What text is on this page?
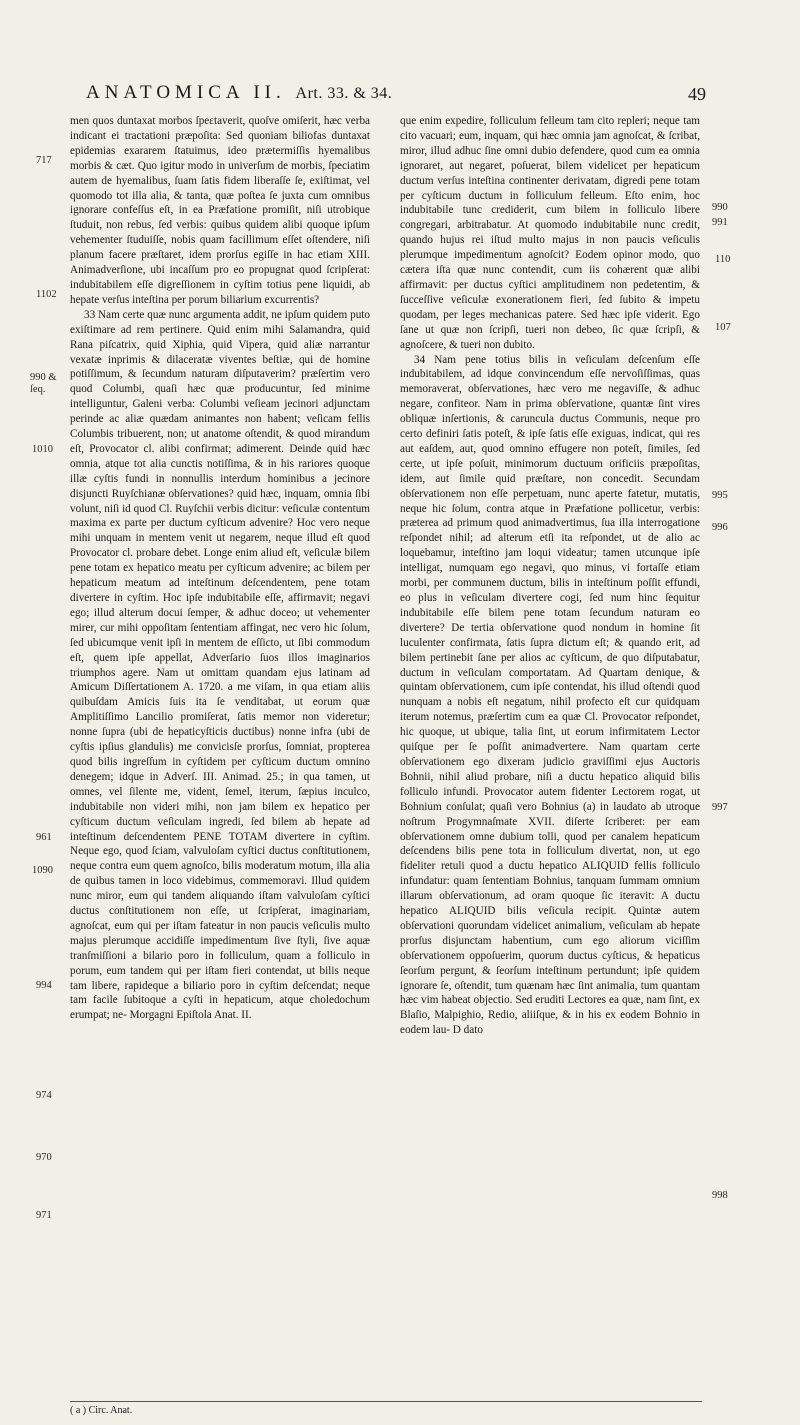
ANATOMICA II. Art. 33. & 34.	49

men quos duntaxat morbos ſpeɛtaverit, quoſve omiſerit, hæc verba indicant ei tractationi præpoſita: Sed quoniam biliofas duntaxat epidemias exararem ſtatuimus, ideo prætermiſſis hyemalibus morbis & cæt. Quo igitur modo in univerſum de morbis, ſpeciatim autem de hyemalibus, ſuam ſatis fidem liberaſſe ſe, exiſtimat, vel quomodo tot illa alia, & tanta, quæ poſtea ſe juxta cum omnibus ignorare confeſſus eſt, in ea Præfatione promiſit, niſi utrobique ſtuduit, non rebus, ſed verbis: quibus quidem alibi quoque ipſum vehementer ſtuduiſſe, nobis quam facillimum eſſet oſtendere, niſi planum facere præſtaret, idem prorſus egiſſe in hac etiam XIII. Animadverſione, ubi incaſſum pro eo propugnat quod ſcripſerat: indubitabilem eſſe digreſſionem in cyſtim totius pene liquidi, ab hepate verſus inteſtina per porum biliarium excurrentis?

33 Nam certe quæ nunc argumenta addit, ne ipſum quidem puto exiſtimare ad rem pertinere. Quid enim mihi Salamandra, quid Rana piſcatrix, quid Xiphia, quid Vipera, quid aliæ narrantur vexatæ inprimis & dilaceratæ viventes beſtiæ, qui de homine potiſſimum, & ſecundum naturam diſputaverim? præſertim vero quod Columbi, quaſi hæc quæ producuntur, ſed minime intelliguntur, Galeni verba: Columbi veſieam jecinori adjunctam perinde ac aliæ quædam animantes non habent; veſicam fellis Columbis tribuerent, non; ut anatome oſtendit, & quod mirandum eſt, Provocator cl. alibi confirmat; adimerent. Deinde quid hæc omnia, atque tot alia cunctis notiſſima, & in his rariores quoque illæ cyſtis fundi in nonnullis interdum hominibus a jecinore disjuncti Ruyſchianæ obſervationes? quid hæc, inquam, omnia ſibi volunt, niſi id quod Cl. Ruyſchii verbis dicitur: veſiculæ contentum maxima ex parte per ductum cyſticum advenire? Hoc vero neque mihi unquam in mentem venit ut negarem, neque illud eſt quod Provocator cl. probare debet. Longe enim aliud eſt, veſiculæ bilem pene totam ex hepatico meatu per cyſticum advenire; ac bilem per hepaticum meatum ad inteſtinum deſcendentem, pene totam divertere in cyſtim. Hoc ipſe indubitabile eſſe, affirmavit; negavi ego; illud alterum docui ſemper, & adhuc doceo; ut vehementer mirer, cur mihi oppoſitam ſententiam affingat, nec vero hic ſolum, ſed ubicumque venit ipſi in mentem de eſſicto, ut ſibi commodum eſt, quem ipſe appellat, Adverſario ſuos illos imaginarios triumphos agere. Nam ut omittam quandam ejus latinam ad Amicum Diſſertationem A. 1720. a me viſam, in qua etiam aliis quibuſdam Amicis ſuis ita ſe venditabat, ut eorum quæ Amplitiſſimo Lancilio promiſerat, ſatis memor non videretur; nonne ſupra (ubi de hepaticyſticis ductibus) nonne infra (ubi de cyſtis ipſius glandulis) me convicisſe prorſus, ſomniat, propterea quod bilis ingreſſum in cyſtidem per cyſticum ductum omnino denegem; idque in Adverſ. III. Animad. 25.; in qua tamen, ut omnes, vel ſilente me, vident, ſemel, iterum, ſæpius inculco, indubitabile non videri mihi, non jam bilem ex hepatico per cyſticum ductum veſiculam ingredi, ſed bilem ab hepate ad inteſtinum deſcendentem PENE TOTAM divertere in cyſtim. Neque ego, quod ſciam, valvuloſam cyſtici ductus conſtitutionem, neque contra eum quem agnoſco, bilis moderatum motum, illa alia de quibus tamen in loco videbimus, commemoravi. Illud quidem nunc miror, eum qui tandem aliquando iſtam valvuloſam cyſtici ductus conſtitutionem non eſſe, ut ſcripſerat, imaginariam, agnoſcat, eum qui per iſtam fateatur in non paucis veſiculis multo majus plerumque accidiſſe impedimentum ſive ſtyli, ſive aquæ tranſmiſſioni a bilario poro in folliculum, quam a folliculo in porum, eum tandem qui per iſtam fieri contendat, ut bilis neque tam libere, rapideque a biliario poro in cyſtim deſcendat; neque tam facile ſubitoque a cyſti in hepaticum, atque choledochum erumpat; ne- Morgagni Epiſtola Anat. II.

que enim expedire, folliculum felleum tam cito repleri; neque tam cito vacuari; eum, inquam, qui hæc omnia jam agnoſcat, & ſcribat, miror, illud adhuc ſine omni dubio defendere, quod cum ea omnia ignoraret, aut negaret, poſuerat, bilem videlicet per hepaticum ductum verſus inteſtina continenter derivatam, digredi pene totam per cyſticum ductum in folliculum felleum. Eſto enim, hoc indubitabile tunc crediderit, cum bilem in folliculo libere congregari, arbitrabatur. At quomodo indubitabile nunc credit, quando hujus rei iſtud multo majus in non paucis veſiculis plerumque impedimentum agnoſcit? Eodem opinor modo, quo cætera iſta quæ nunc contendit, cum iis cohærent quæ alibi affirmavit: per ductus cyſtici amplitudinem non pedetentim, & ſucceſſive veſiculæ exonerationem fieri, ſed ſubito & impetu quodam, per leges mechanicas patere. Sed hæc ipſe viderit. Ego ſane ut quæ non ſcripſi, tueri non debeo, ſic quæ ſcripſi, & agnoſcere, & tueri non dubito.

34 Nam pene totius bilis in veſiculam deſcenſum eſſe indubitabilem, ad idque convincendum eſſe nervoſiſſimas, quas memoraverat, obſervationes, hæc vero me negaviſſe, & adhuc negare, confiteor. Nam in prima obſervatione, quantæ ſint vires obliquæ inſertionis, & caruncula ductus Communis, neque pro certo definiri ſatis poteſt, & ipſe ſatis eſſe exiguas, indicat, qui res aut eaſdem, aut, quod omnino effugere non poteſt, ſimiles, ſed certe, ut ipſe poſuit, minimorum ductuum orificiis præpoſitas, idem, aut ſimile quid præſtare, non concedit. Secundam obſervationem non eſſe perpetuam, nunc aperte fatetur, mutatis, neque hic ſolum, contra atque in Præfatione pollicetur, verbis: præterea ad primum quod animadvertimus, ſua illa interrogatione reſpondet nihil; ad alterum etſi ita reſpondet, ut de alio ac loquebamur, inteſtino jam loqui videatur; tamen utcunque ipſe intelligat, numquam ego negavi, quo minus, vi fortaſſe etiam morbi, per communem ductum, bilis in inteſtinum poſſit effundi, eo plus in veſiculam divertere cogi, ſed num hinc ſequitur indubitabile eſſe bilem pene totam ſecundum naturam eo divertere? De tertia obſervatione quod nondum in homine ſit luculenter confirmata, ſatis ſupra dictum eſt; & quando erit, ad bilem pertinebit ſane per alios ac cyſticum, de quo diſputabatur, ductum in veſiculam comportatam. Ad Quartam denique, & quintam obſervationem, cum ipſe contendat, his illud oſtendi quod nunquam a nobis eſt negatum, nihil profecto eſt cur quidquam iterum notemus, præſertim cum ea quæ Cl. Provocator reſpondet, hic quoque, ut ubique, talia ſint, ut eorum infirmitatem Lector quiſque per ſe poſſit animadvertere. Nam quartam certe obſervationem ego dixeram judicio graviſſimi ejus Auctoris Bohnii, nihil aliud probare, niſi a ductu hepatico aliquid bilis folliculo infundi. Provocator autem fidenter Lectorem rogat, ut Bohnium conſulat; quaſi vero Bohnius (a) in laudato ab utroque noſtrum Progymnaſmate XVII. diſerte ſcriberet: per eam obſervationem omne dubium tolli, quod per canalem hepaticum deſcendens bilis pene tota in folliculum divertat, non, ut ego fideliter retuli quod a ductu hepatico ALIQUID fellis folliculo infundatur: quam ſententiam Bohnius, tanquam ſummam omnium illarum obſervationum, ad oram quoque ſic iteravit: A ductu hepatico ALIQUID bilis veſicula recipit. Quintæ autem obſervationi quorundam videlicet animalium, veſiculam ab hepate prorſus disjunctam habentium, cum ego aliorum viciſſim obſervationem oppoſuerim, quorum ductus cyſticus, & hepaticus ſeorſum pergunt, & ſeorſum inteſtinum pertundunt; ipſe quidem ignorare ſe, oſtendit, tum quænam hæc ſint animalia, tum quantam hæc vim habeat objectio. Sed eruditi Lectores ea quæ, nam ſint, ex Blaſio, Malpighio, Redio, aliiſque, & in his ex eodem Bohnio in eodem lau- D dato

717
1102
990 & ſeq.
1010
961
1090
994
974
970
971
990
991
110
107
995
996
997
998
( a ) Circ. Anat.
